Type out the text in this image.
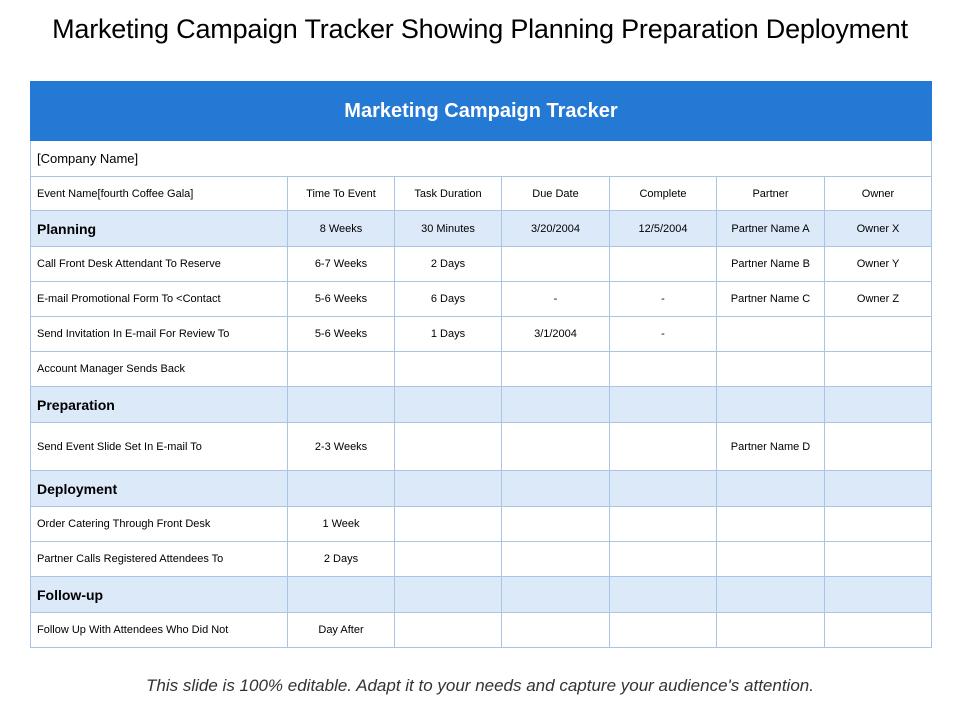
Marketing Campaign Tracker Showing Planning Preparation Deployment
Marketing Campaign Tracker						
[Company Name]						
Event Name[fourth Coffee Gala]	Time To Event	Task Duration	Due Date	Complete	Partner	Owner
Planning	8 Weeks	30 Minutes	3/20/2004	12/5/2004	Partner Name A	Owner X
Call Front Desk Attendant To Reserve	6-7 Weeks	2 Days			Partner Name B	Owner Y
E-mail Promotional Form To <Contact	5-6 Weeks	6 Days	-	-	Partner Name C	Owner Z
Send Invitation In E-mail For Review To	5-6 Weeks	1 Days	3/1/2004	-		
Account Manager Sends Back						
Preparation						
Send Event Slide Set In E-mail To	2-3 Weeks				Partner Name D	
Deployment						
Order Catering Through Front Desk	1 Week					
Partner Calls Registered Attendees To	2 Days					
Follow-up						
Follow Up With Attendees Who Did Not	Day After					

This slide is 100% editable. Adapt it to your needs and capture your audience's attention.
